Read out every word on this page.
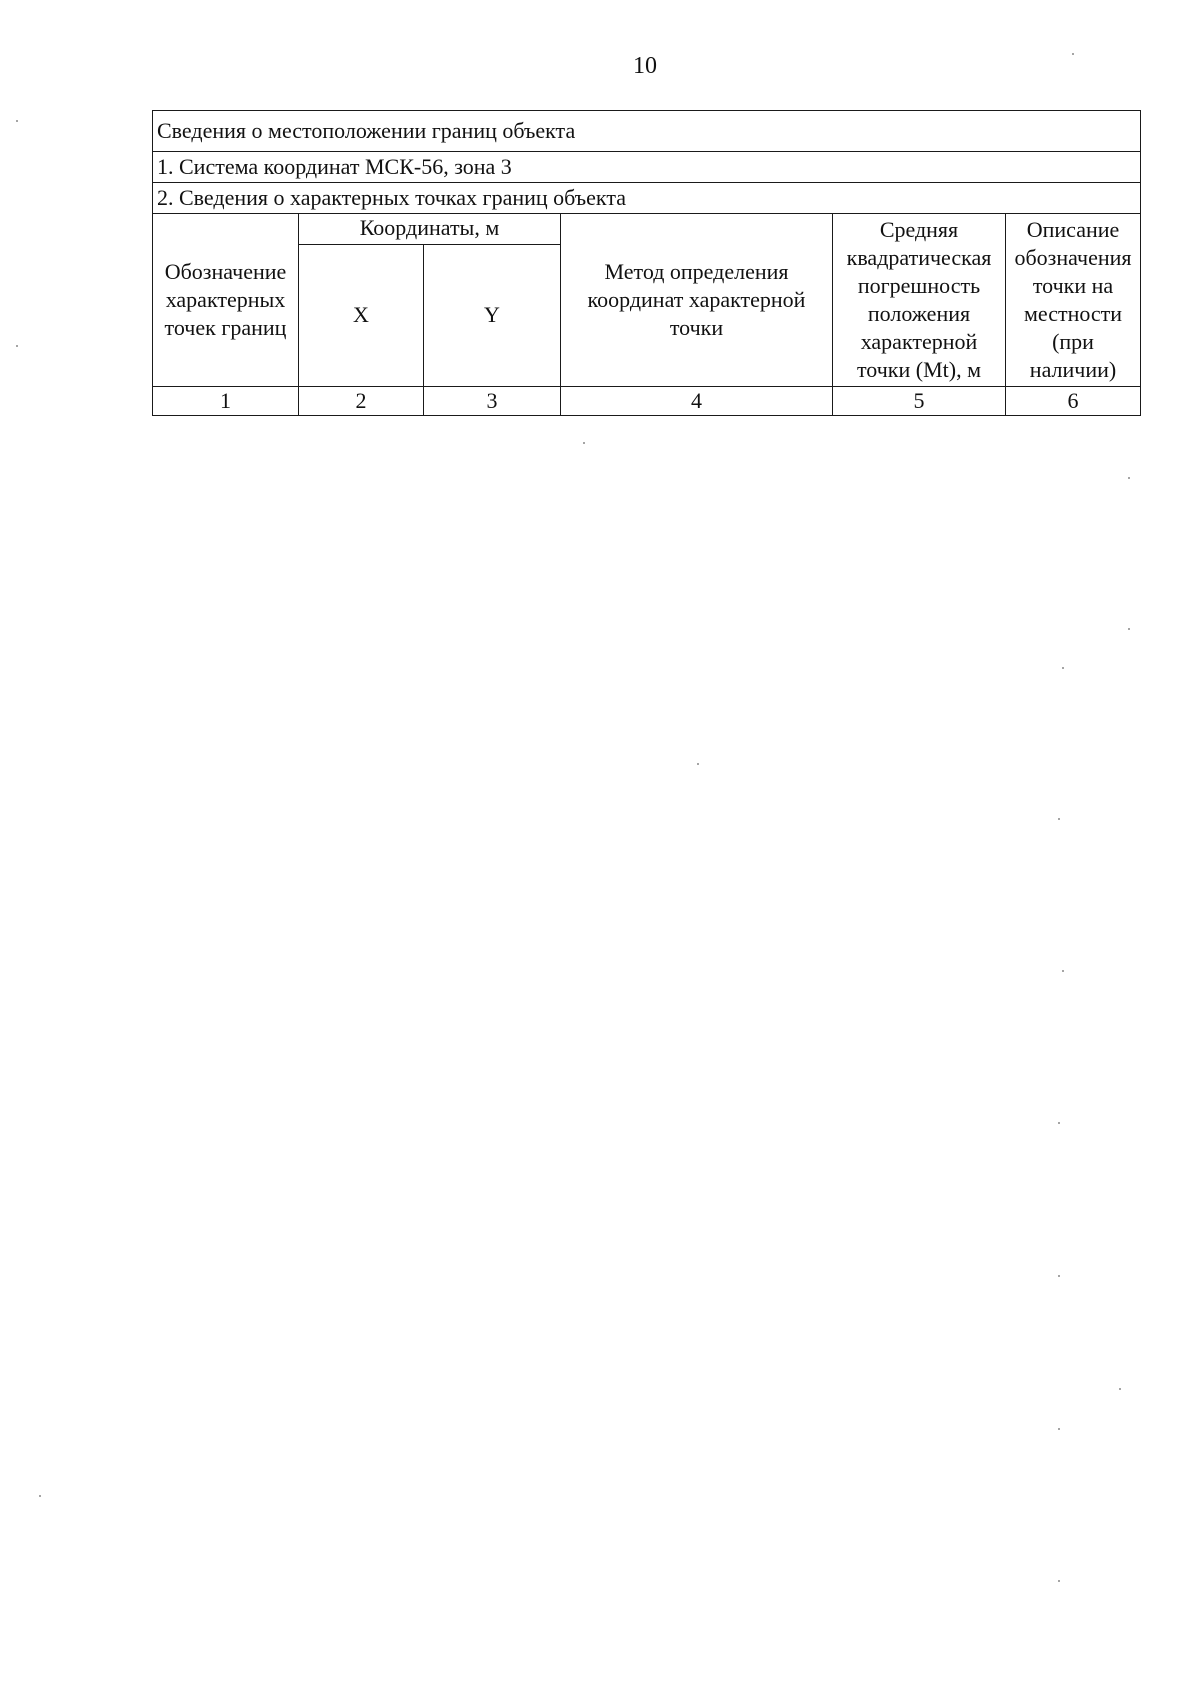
10
Сведения о местоположении границ объекта					
1. Система координат МСК-56, зона 3					
2. Сведения о характерных точках границ объекта					
Обозначение характерных точек границ	Координаты, м		Метод определения координат характерной точки	Средняя квадратическая погрешность положения характерной точки (Mt), м	Описание обозначения точки на местности (при наличии)
	X	Y			
1	2	3	4	5	6
